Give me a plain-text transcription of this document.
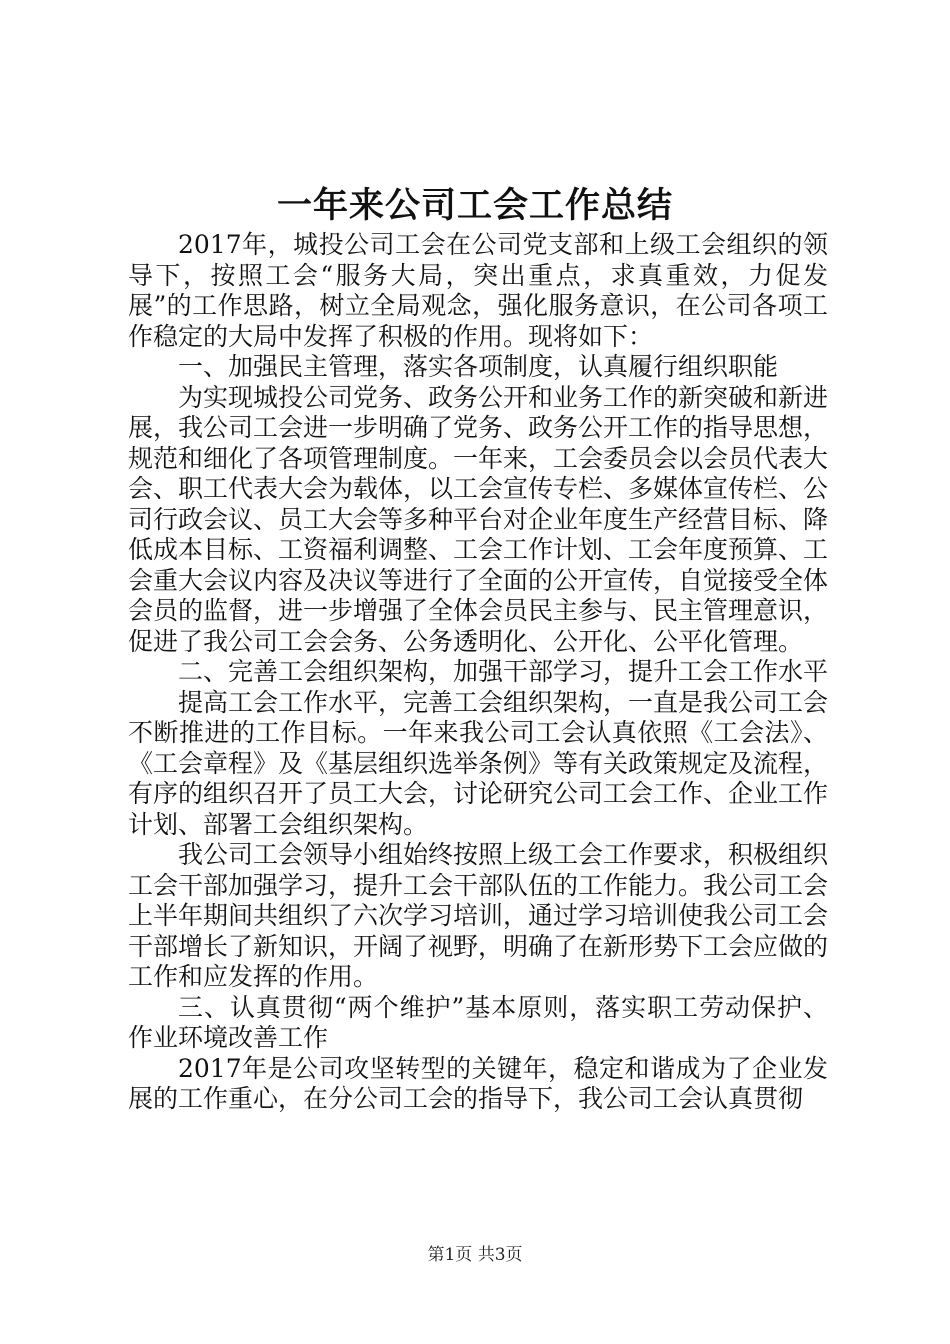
一年来公司工会工作总结

2017年，城投公司工会在公司党支部和上级工会组织的领导下，按照工会“服务大局，突出重点，求真重效，力促发展”的工作思路，树立全局观念，强化服务意识，在公司各项工作稳定的大局中发挥了积极的作用。现将如下：

一、加强民主管理，落实各项制度，认真履行组织职能

为实现城投公司党务、政务公开和业务工作的新突破和新进展，我公司工会进一步明确了党务、政务公开工作的指导思想，规范和细化了各项管理制度。一年来，工会委员会以会员代表大会、职工代表大会为载体，以工会宣传专栏、多媒体宣传栏、公司行政会议、员工大会等多种平台对企业年度生产经营目标、降低成本目标、工资福利调整、工会工作计划、工会年度预算、工会重大会议内容及决议等进行了全面的公开宣传，自觉接受全体会员的监督，进一步增强了全体会员民主参与、民主管理意识，促进了我公司工会会务、公务透明化、公开化、公平化管理。

二、完善工会组织架构，加强干部学习，提升工会工作水平

提高工会工作水平，完善工会组织架构，一直是我公司工会不断推进的工作目标。一年来我公司工会认真依照《工会法》、《工会章程》及《基层组织选举条例》等有关政策规定及流程，有序的组织召开了员工大会，讨论研究公司工会工作、企业工作计划、部署工会组织架构。

我公司工会领导小组始终按照上级工会工作要求，积极组织工会干部加强学习，提升工会干部队伍的工作能力。我公司工会上半年期间共组织了六次学习培训，通过学习培训使我公司工会干部增长了新知识，开阔了视野，明确了在新形势下工会应做的工作和应发挥的作用。

三、认真贯彻“两个维护”基本原则，落实职工劳动保护、作业环境改善工作

2017年是公司攻坚转型的关键年，稳定和谐成为了企业发展的工作重心，在分公司工会的指导下，我公司工会认真贯彻

第1页 共3页
